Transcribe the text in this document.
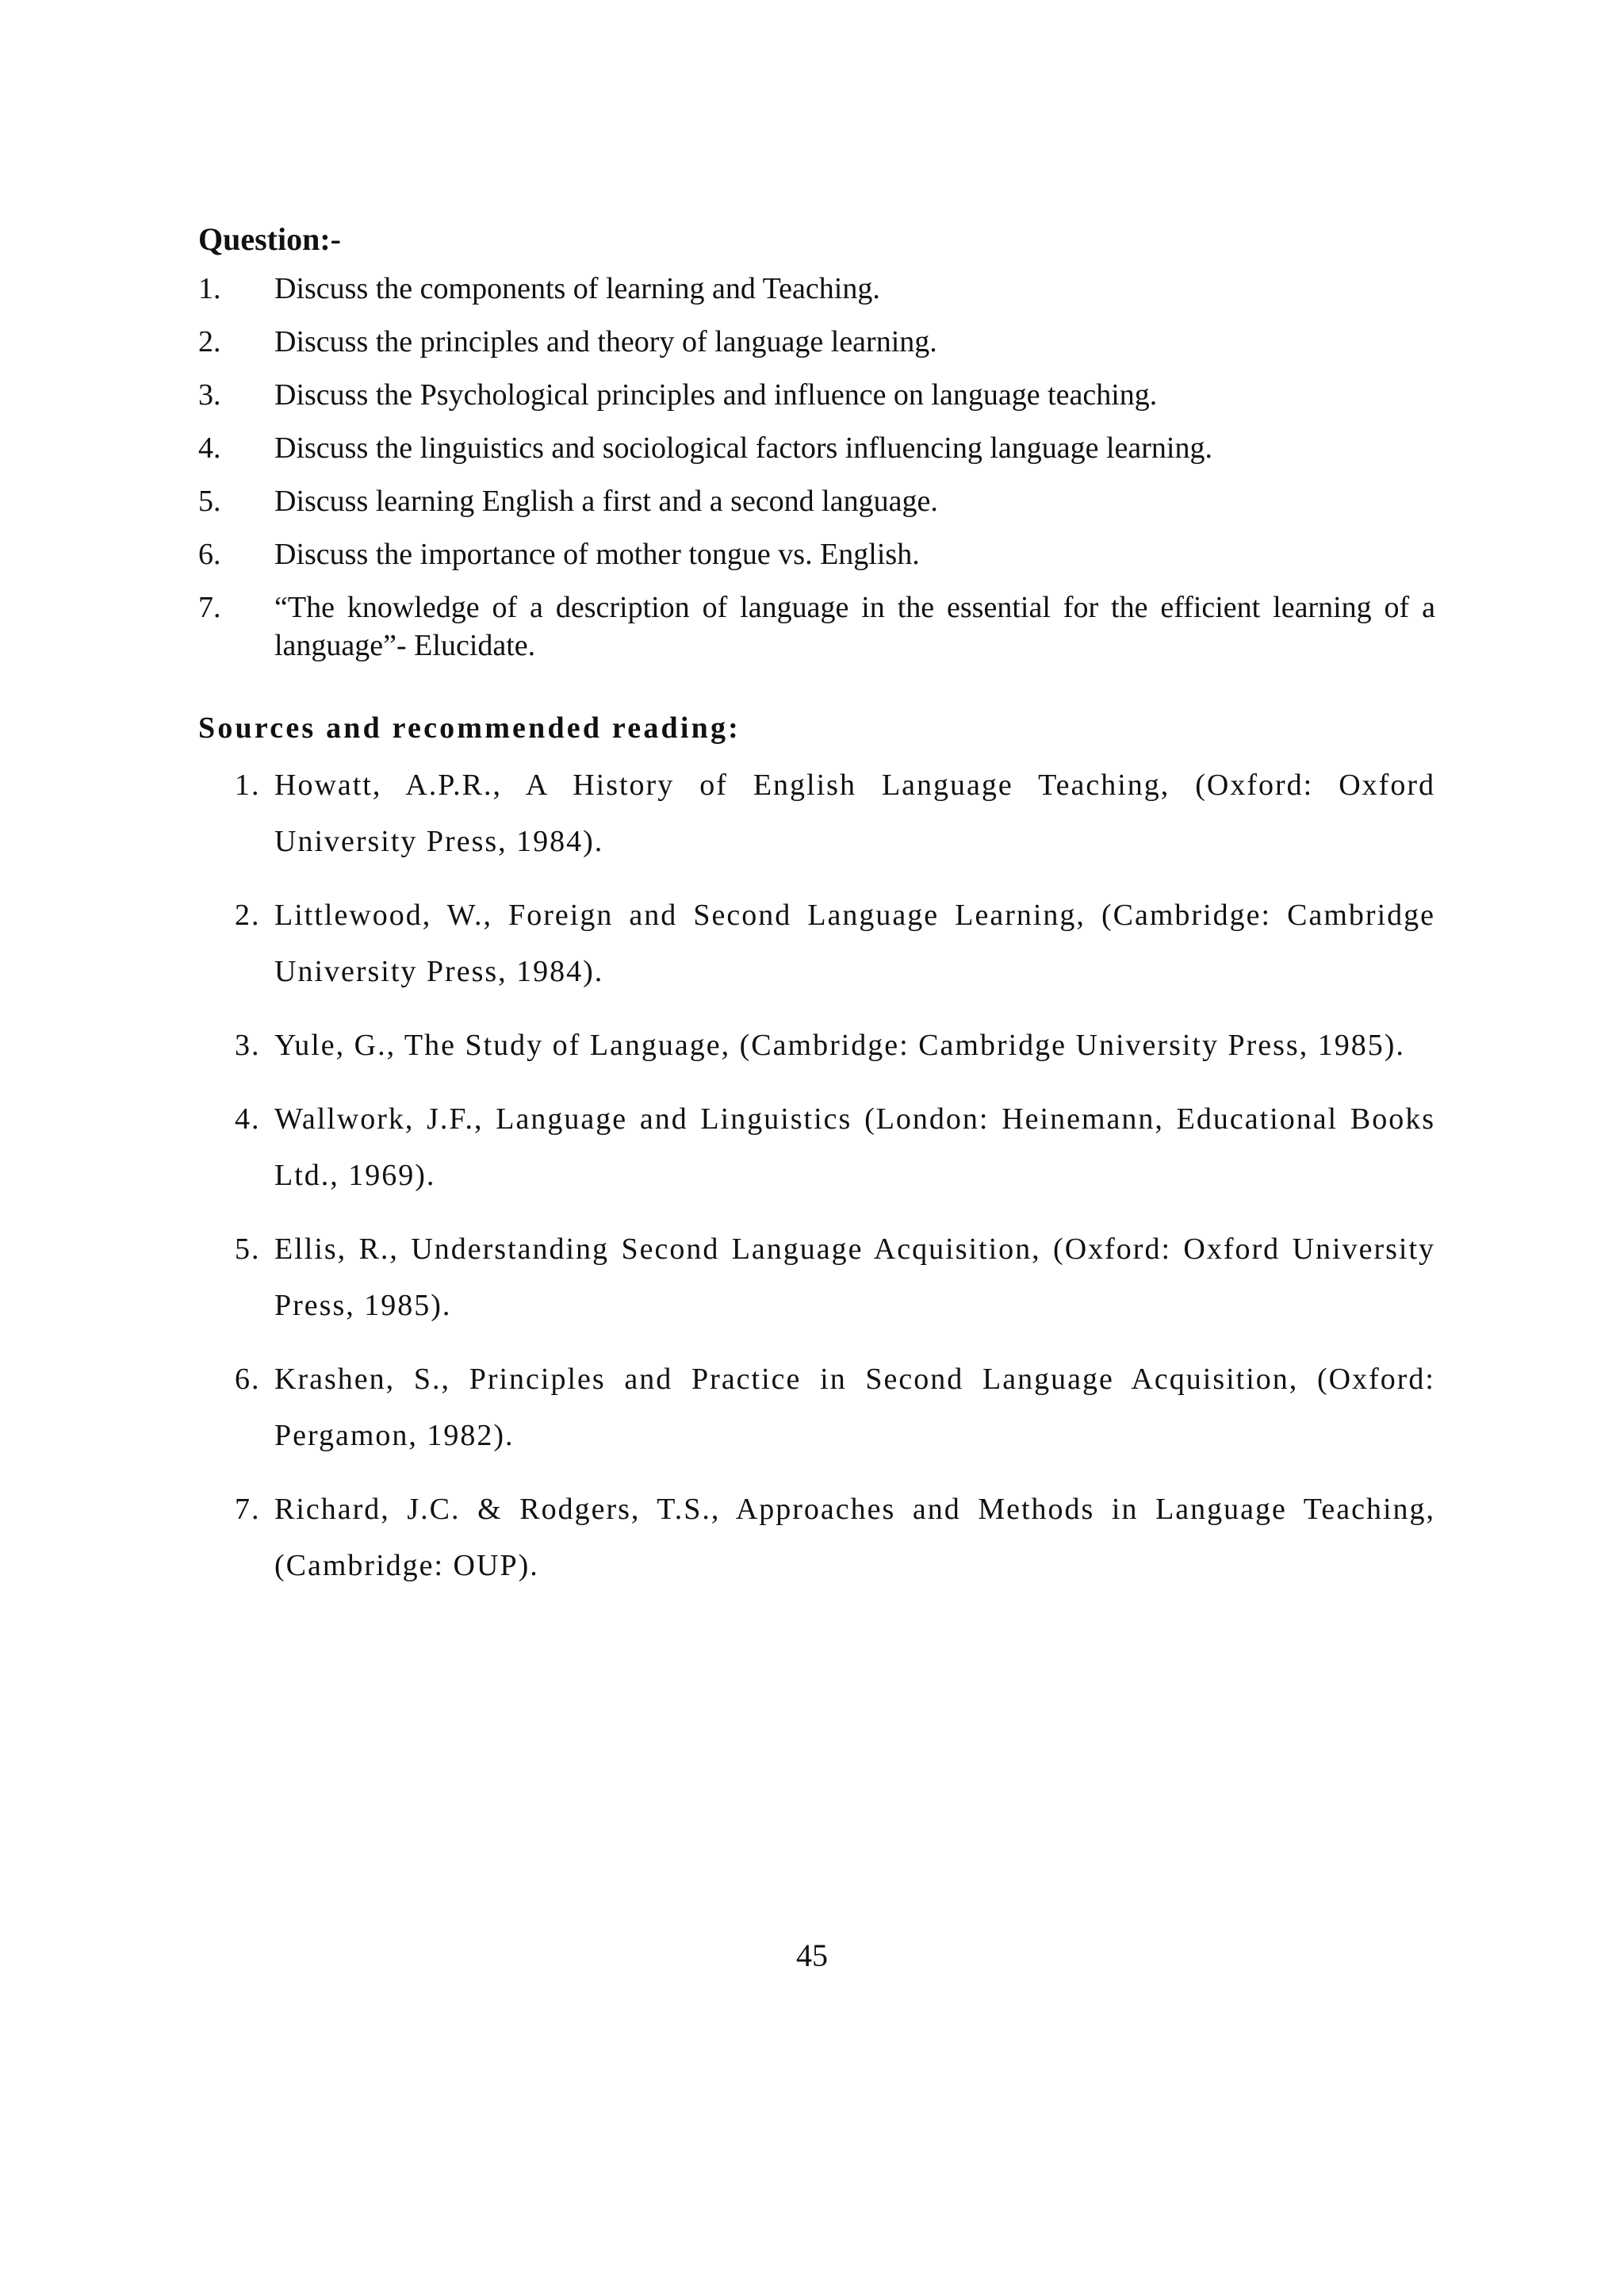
Question:-
1. Discuss the components of learning and Teaching.
2. Discuss the principles and theory of language learning.
3. Discuss the Psychological principles and influence on language teaching.
4. Discuss the linguistics and sociological factors influencing language learning.
5. Discuss learning English a first and a second language.
6. Discuss the importance of mother tongue vs. English.
7. “The knowledge of a description of language in the essential for the efficient learning of a language”- Elucidate.
Sources and recommended reading:
1. Howatt, A.P.R., A History of English Language Teaching, (Oxford: Oxford University Press, 1984).
2. Littlewood, W., Foreign and Second Language Learning, (Cambridge: Cambridge University Press, 1984).
3. Yule, G., The Study of Language, (Cambridge: Cambridge University Press, 1985).
4. Wallwork, J.F., Language and Linguistics (London: Heinemann, Educational Books Ltd., 1969).
5. Ellis, R., Understanding Second Language Acquisition, (Oxford: Oxford University Press, 1985).
6. Krashen, S., Principles and Practice in Second Language Acquisition, (Oxford: Pergamon, 1982).
7. Richard, J.C. & Rodgers, T.S., Approaches and Methods in Language Teaching, (Cambridge: OUP).
45
